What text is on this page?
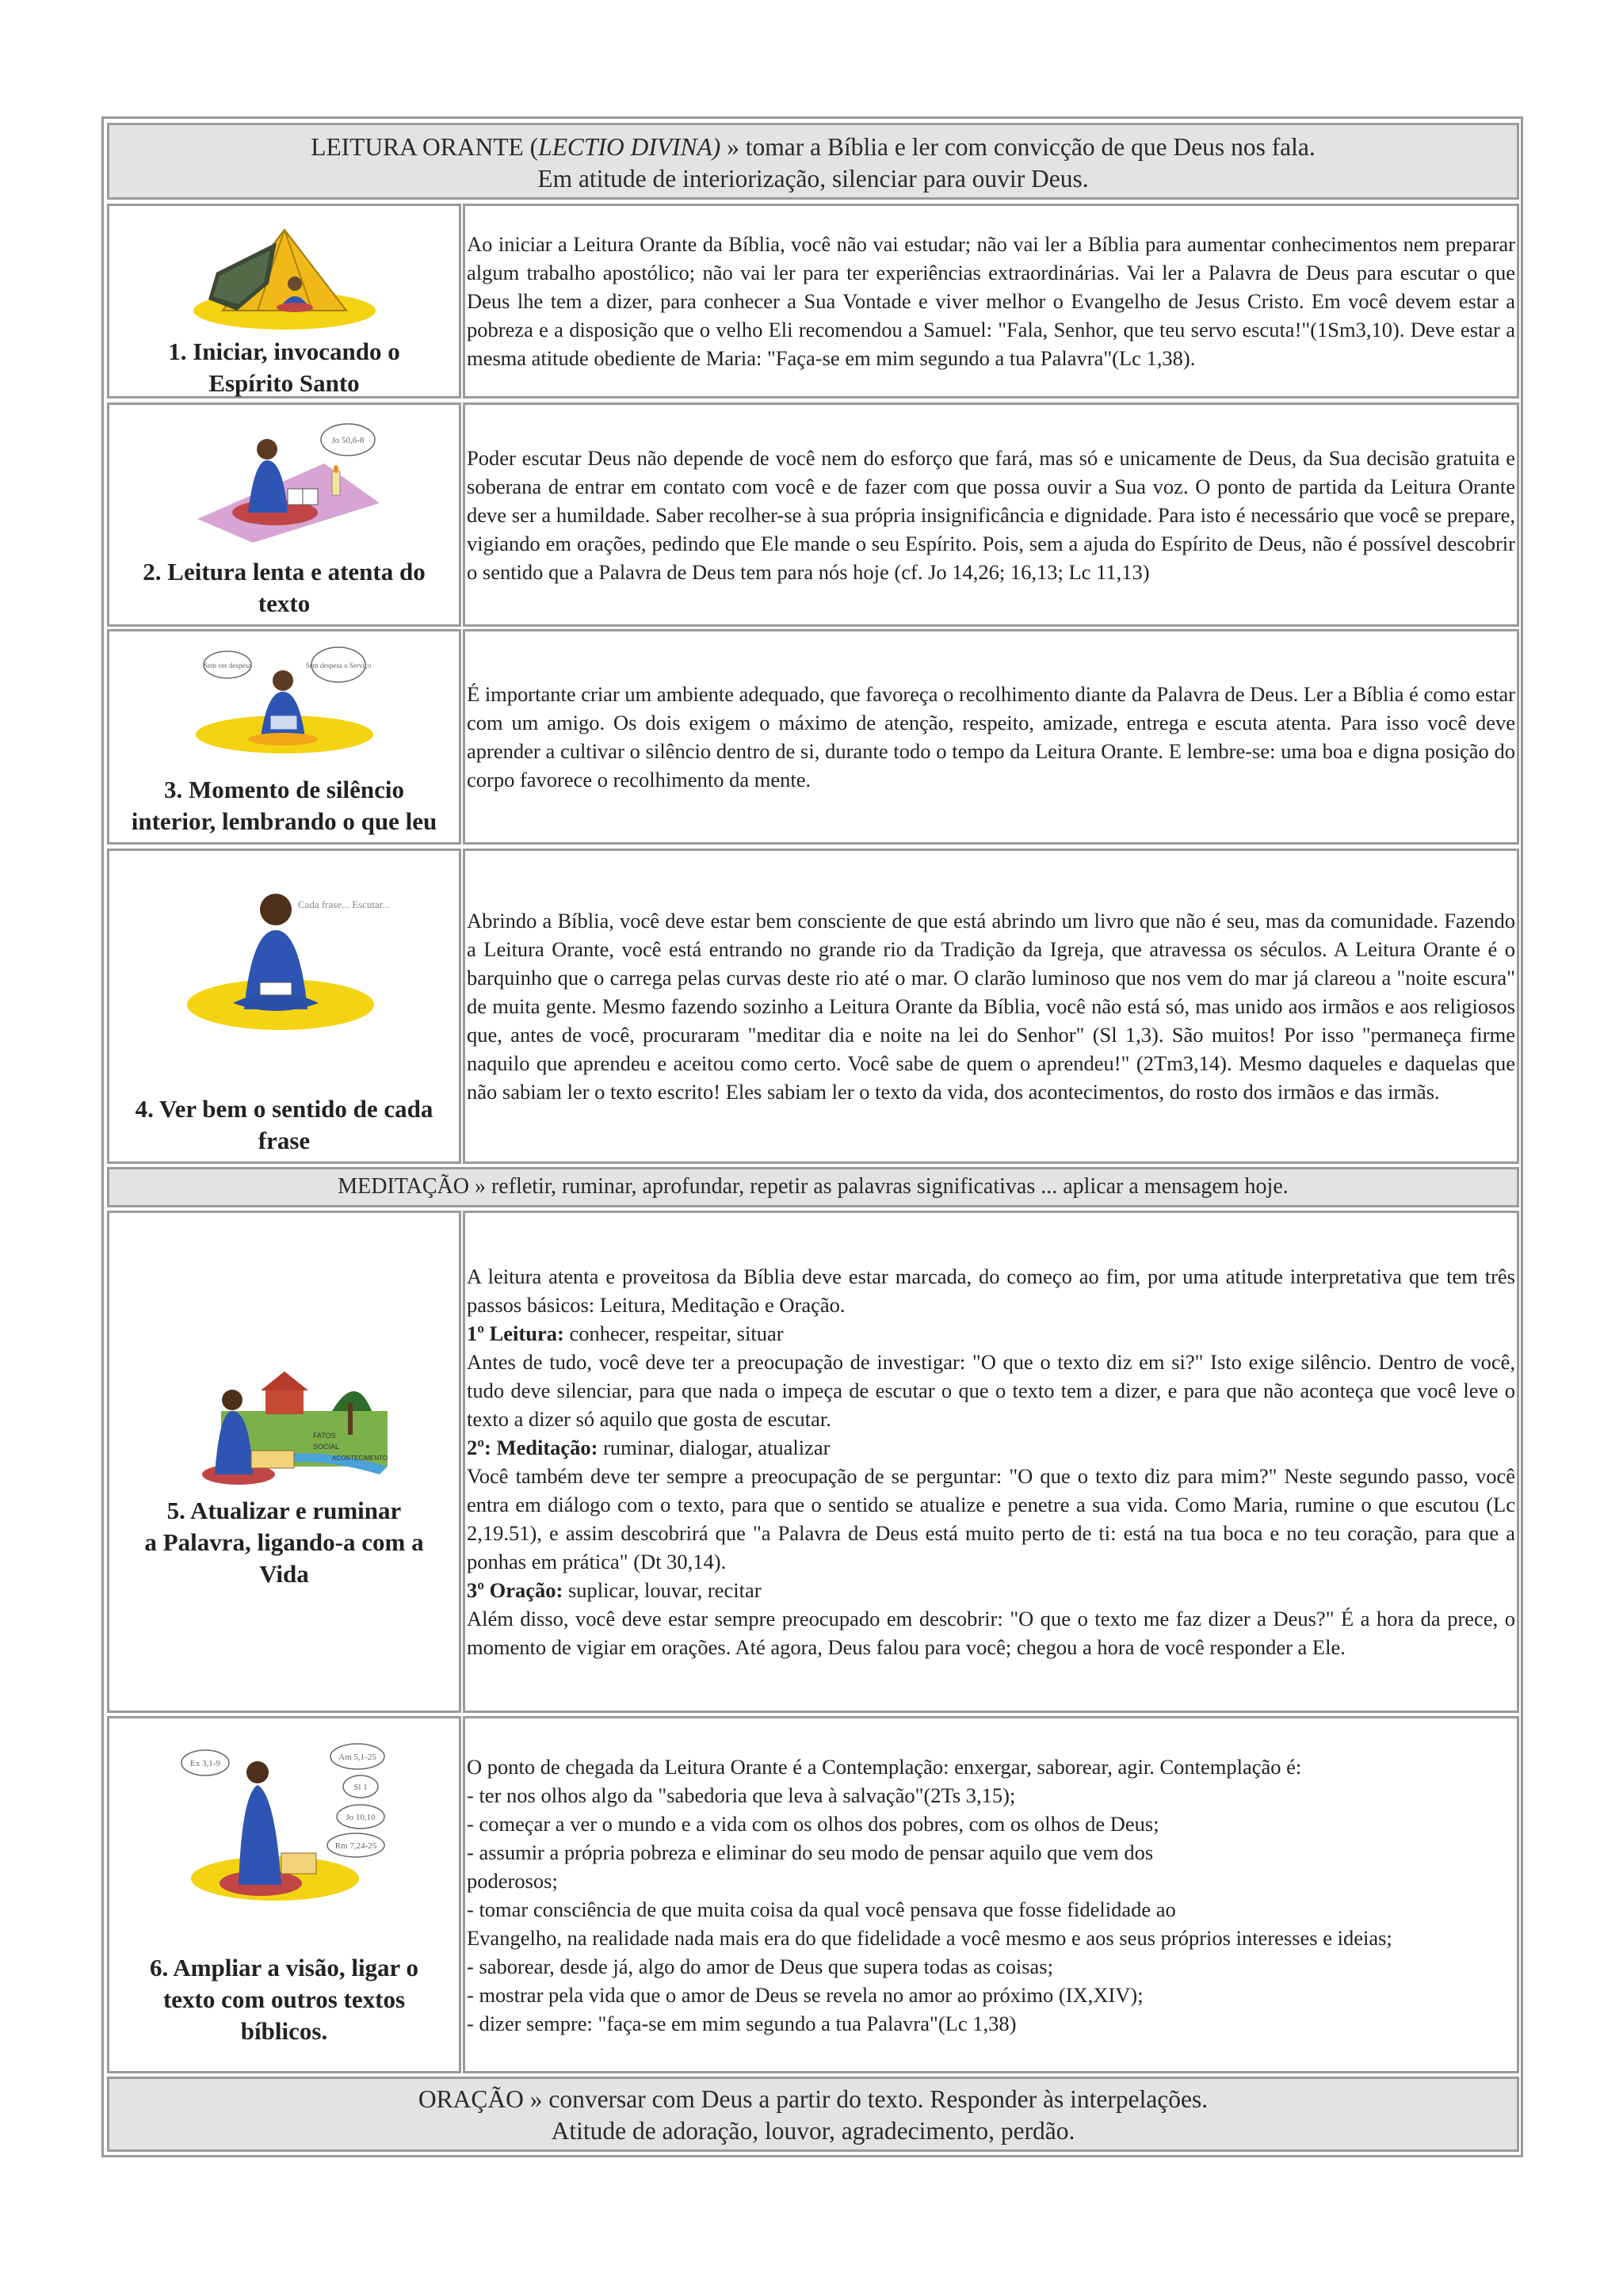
LEITURA ORANTE (LECTIO DIVINA) » tomar a Bíblia e ler com convicção de que Deus nos fala.
Em atitude de interiorização, silenciar para ouvir Deus.
1. Iniciar, invocando o
Espírito Santo

Ao iniciar a Leitura Orante da Bíblia, você não vai estudar; não vai ler a Bíblia para aumentar conhecimentos nem preparar algum trabalho apostólico; não vai ler para ter experiências extraordinárias. Vai ler a Palavra de Deus para escutar o que Deus lhe tem a dizer, para conhecer a Sua Vontade e viver melhor o Evangelho de Jesus Cristo. Em você devem estar a pobreza e a disposição que o velho Eli recomendou a Samuel: "Fala, Senhor, que teu servo escuta!"(1Sm3,10). Deve estar a mesma atitude obediente de Maria: "Faça-se em mim segundo a tua Palavra"(Lc 1,38).

Jo 50,6-8
2. Leitura lenta e atenta do
texto

Poder escutar Deus não depende de você nem do esforço que fará, mas só e unicamente de Deus, da Sua decisão gratuita e soberana de entrar em contato com você e de fazer com que possa ouvir a Sua voz. O ponto de partida da Leitura Orante deve ser a humildade. Saber recolher-se à sua própria insignificância e dignidade. Para isto é necessário que você se prepare, vigiando em orações, pedindo que Ele mande o seu Espírito. Pois, sem a ajuda do Espírito de Deus, não é possível descobrir o sentido que a Palavra de Deus tem para nós hoje (cf. Jo 14,26; 16,13; Lc 11,13)

Sem ver despesa	Sem despesa o Serviço
3. Momento de silêncio
interior, lembrando o que leu

É importante criar um ambiente adequado, que favoreça o recolhimento diante da Palavra de Deus. Ler a Bíblia é como estar com um amigo. Os dois exigem o máximo de atenção, respeito, amizade, entrega e escuta atenta. Para isso você deve aprender a cultivar o silêncio dentro de si, durante todo o tempo da Leitura Orante. E lembre-se: uma boa e digna posição do corpo favorece o recolhimento da mente.

Cada frase... Escutar...
4. Ver bem o sentido de cada
frase

Abrindo a Bíblia, você deve estar bem consciente de que está abrindo um livro que não é seu, mas da comunidade. Fazendo a Leitura Orante, você está entrando no grande rio da Tradição da Igreja, que atravessa os séculos. A Leitura Orante é o barquinho que o carrega pelas curvas deste rio até o mar. O clarão luminoso que nos vem do mar já clareou a "noite escura" de muita gente. Mesmo fazendo sozinho a Leitura Orante da Bíblia, você não está só, mas unido aos irmãos e aos religiosos que, antes de você, procuraram "meditar dia e noite na lei do Senhor" (Sl 1,3). São muitos! Por isso "permaneça firme naquilo que aprendeu e aceitou como certo. Você sabe de quem o aprendeu!" (2Tm3,14). Mesmo daqueles e daquelas que não sabiam ler o texto escrito! Eles sabiam ler o texto da vida, dos acontecimentos, do rosto dos irmãos e das irmãs.

MEDITAÇÃO » refletir, ruminar, aprofundar, repetir as palavras significativas ... aplicar a mensagem hoje.
FATOS
SOCIAL
ACONTECIMENTO
5. Atualizar e ruminar
a Palavra, ligando-a com a
Vida

A leitura atenta e proveitosa da Bíblia deve estar marcada, do começo ao fim, por uma atitude interpretativa que tem três passos básicos: Leitura, Meditação e Oração.

1º Leitura: conhecer, respeitar, situar

Antes de tudo, você deve ter a preocupação de investigar: "O que o texto diz em si?" Isto exige silêncio. Dentro de você, tudo deve silenciar, para que nada o impeça de escutar o que o texto tem a dizer, e para que não aconteça que você leve o texto a dizer só aquilo que gosta de escutar.

2º: Meditação: ruminar, dialogar, atualizar

Você também deve ter sempre a preocupação de se perguntar: "O que o texto diz para mim?" Neste segundo passo, você entra em diálogo com o texto, para que o sentido se atualize e penetre a sua vida. Como Maria, rumine o que escutou (Lc 2,19.51), e assim descobrirá que "a Palavra de Deus está muito perto de ti: está na tua boca e no teu coração, para que a ponhas em prática" (Dt 30,14).

3º Oração: suplicar, louvar, recitar

Além disso, você deve estar sempre preocupado em descobrir: "O que o texto me faz dizer a Deus?" É a hora da prece, o momento de vigiar em orações. Até agora, Deus falou para você; chegou a hora de você responder a Ele.

Ex 3,1-9
Am 5,1-25
Sl 1
Jo 10,10
Rm 7,24-25
6. Ampliar a visão, ligar o
texto com outros textos
bíblicos.
O ponto de chegada da Leitura Orante é a Contemplação: enxergar, saborear, agir. Contemplação é:
- ter nos olhos algo da "sabedoria que leva à salvação"(2Ts 3,15);
- começar a ver o mundo e a vida com os olhos dos pobres, com os olhos de Deus;
- assumir a própria pobreza e eliminar do seu modo de pensar aquilo que vem dos
poderosos;
- tomar consciência de que muita coisa da qual você pensava que fosse fidelidade ao
Evangelho, na realidade nada mais era do que fidelidade a você mesmo e aos seus próprios interesses e ideias;
- saborear, desde já, algo do amor de Deus que supera todas as coisas;
- mostrar pela vida que o amor de Deus se revela no amor ao próximo (IX,XIV);
- dizer sempre: "faça-se em mim segundo a tua Palavra"(Lc 1,38)
ORAÇÃO » conversar com Deus a partir do texto. Responder às interpelações.
Atitude de adoração, louvor, agradecimento, perdão.
